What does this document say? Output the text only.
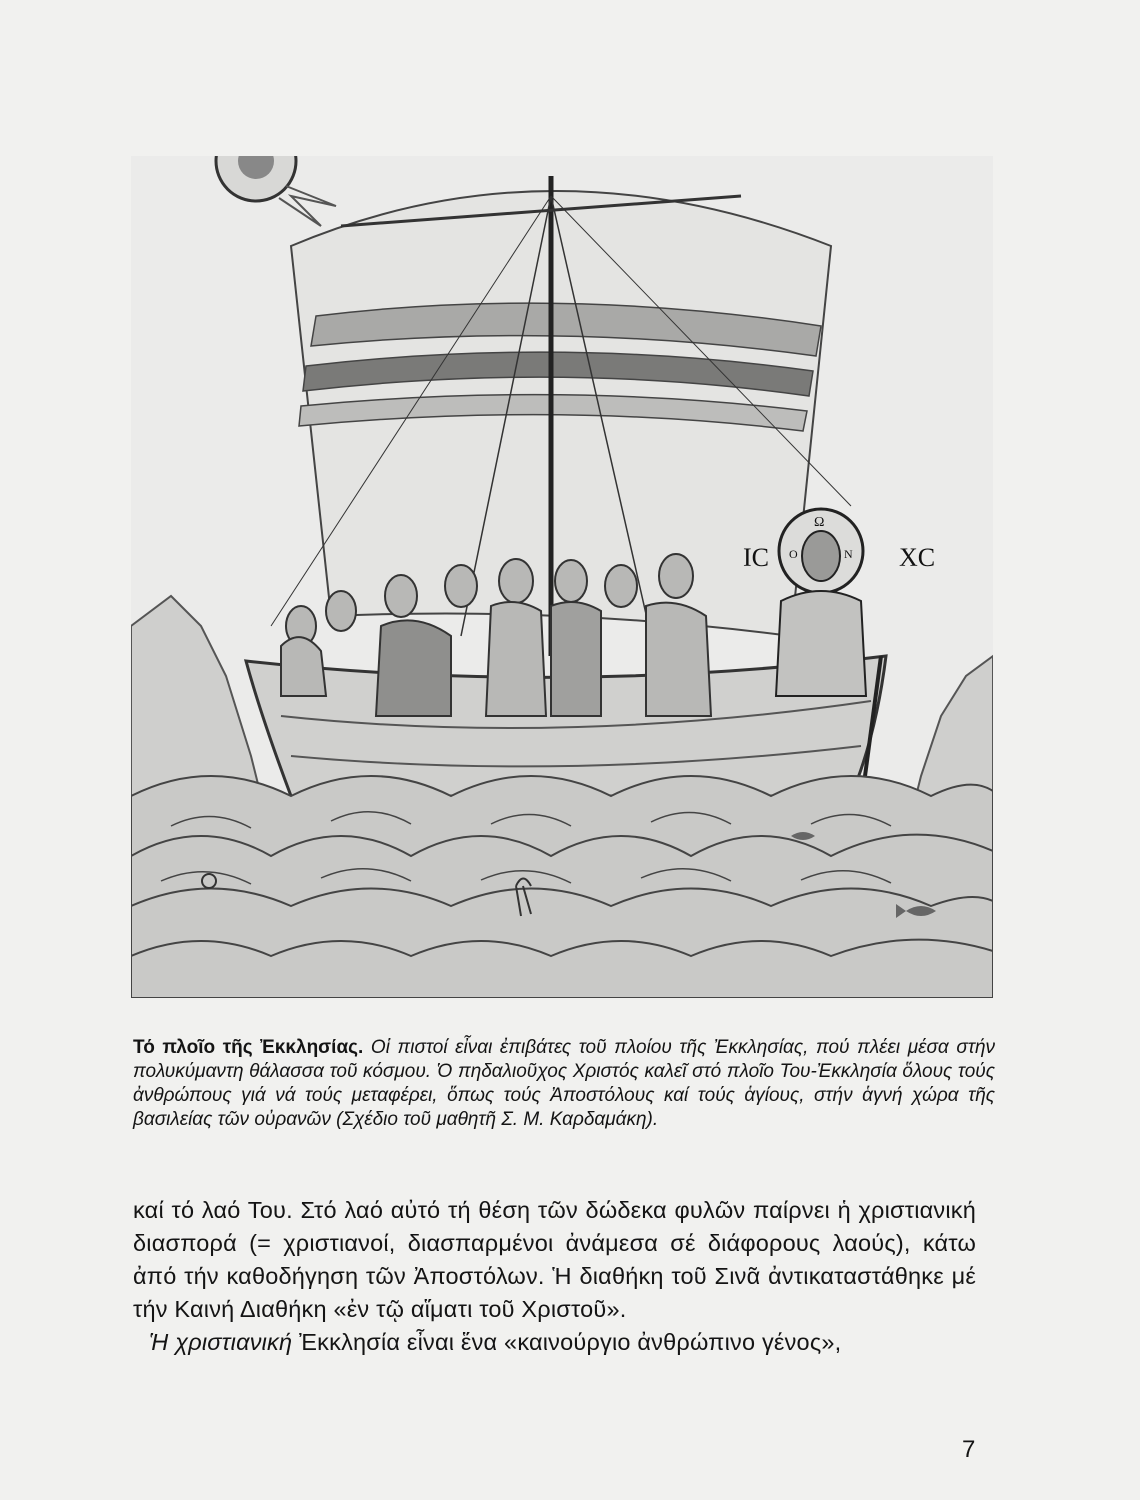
ΙC	ΧC
Ω
Ο	Ν
Τό πλοῖο τῆς Ἐκκλησίας. Οἱ πιστοί εἶναι ἐπιβάτες τοῦ πλοίου τῆς Ἐκκλησίας, πού πλέει μέσα στήν πολυκύμαντη θάλασσα τοῦ κόσμου. Ὁ πηδαλιοῦχος Χριστός καλεῖ στό πλοῖο Του-Ἐκκλησία ὅλους τούς ἀνθρώπους γιά νά τούς μεταφέρει, ὅπως τούς Ἀποστόλους καί τούς ἁγίους, στήν ἁγνή χώρα τῆς βασιλείας τῶν οὐρανῶν (Σχέδιο τοῦ μαθητῆ Σ. Μ. Καρδαμάκη).

καί τό λαό Του. Στό λαό αὐτό τή θέση τῶν δώδεκα φυλῶν παίρνει ἡ χριστιανική διασπορά (= χριστιανοί, διασπαρμένοι ἀνάμεσα σέ διάφορους λαούς), κάτω ἀπό τήν καθοδήγηση τῶν Ἀποστόλων. Ἡ διαθήκη τοῦ Σινᾶ ἀντικαταστάθηκε μέ τήν Καινή Διαθήκη «ἐν τῷ αἵματι τοῦ Χριστοῦ».

Ἡ χριστιανική Ἐκκλησία εἶναι ἕνα «καινούργιο ἀνθρώπινο γένος»,

7
